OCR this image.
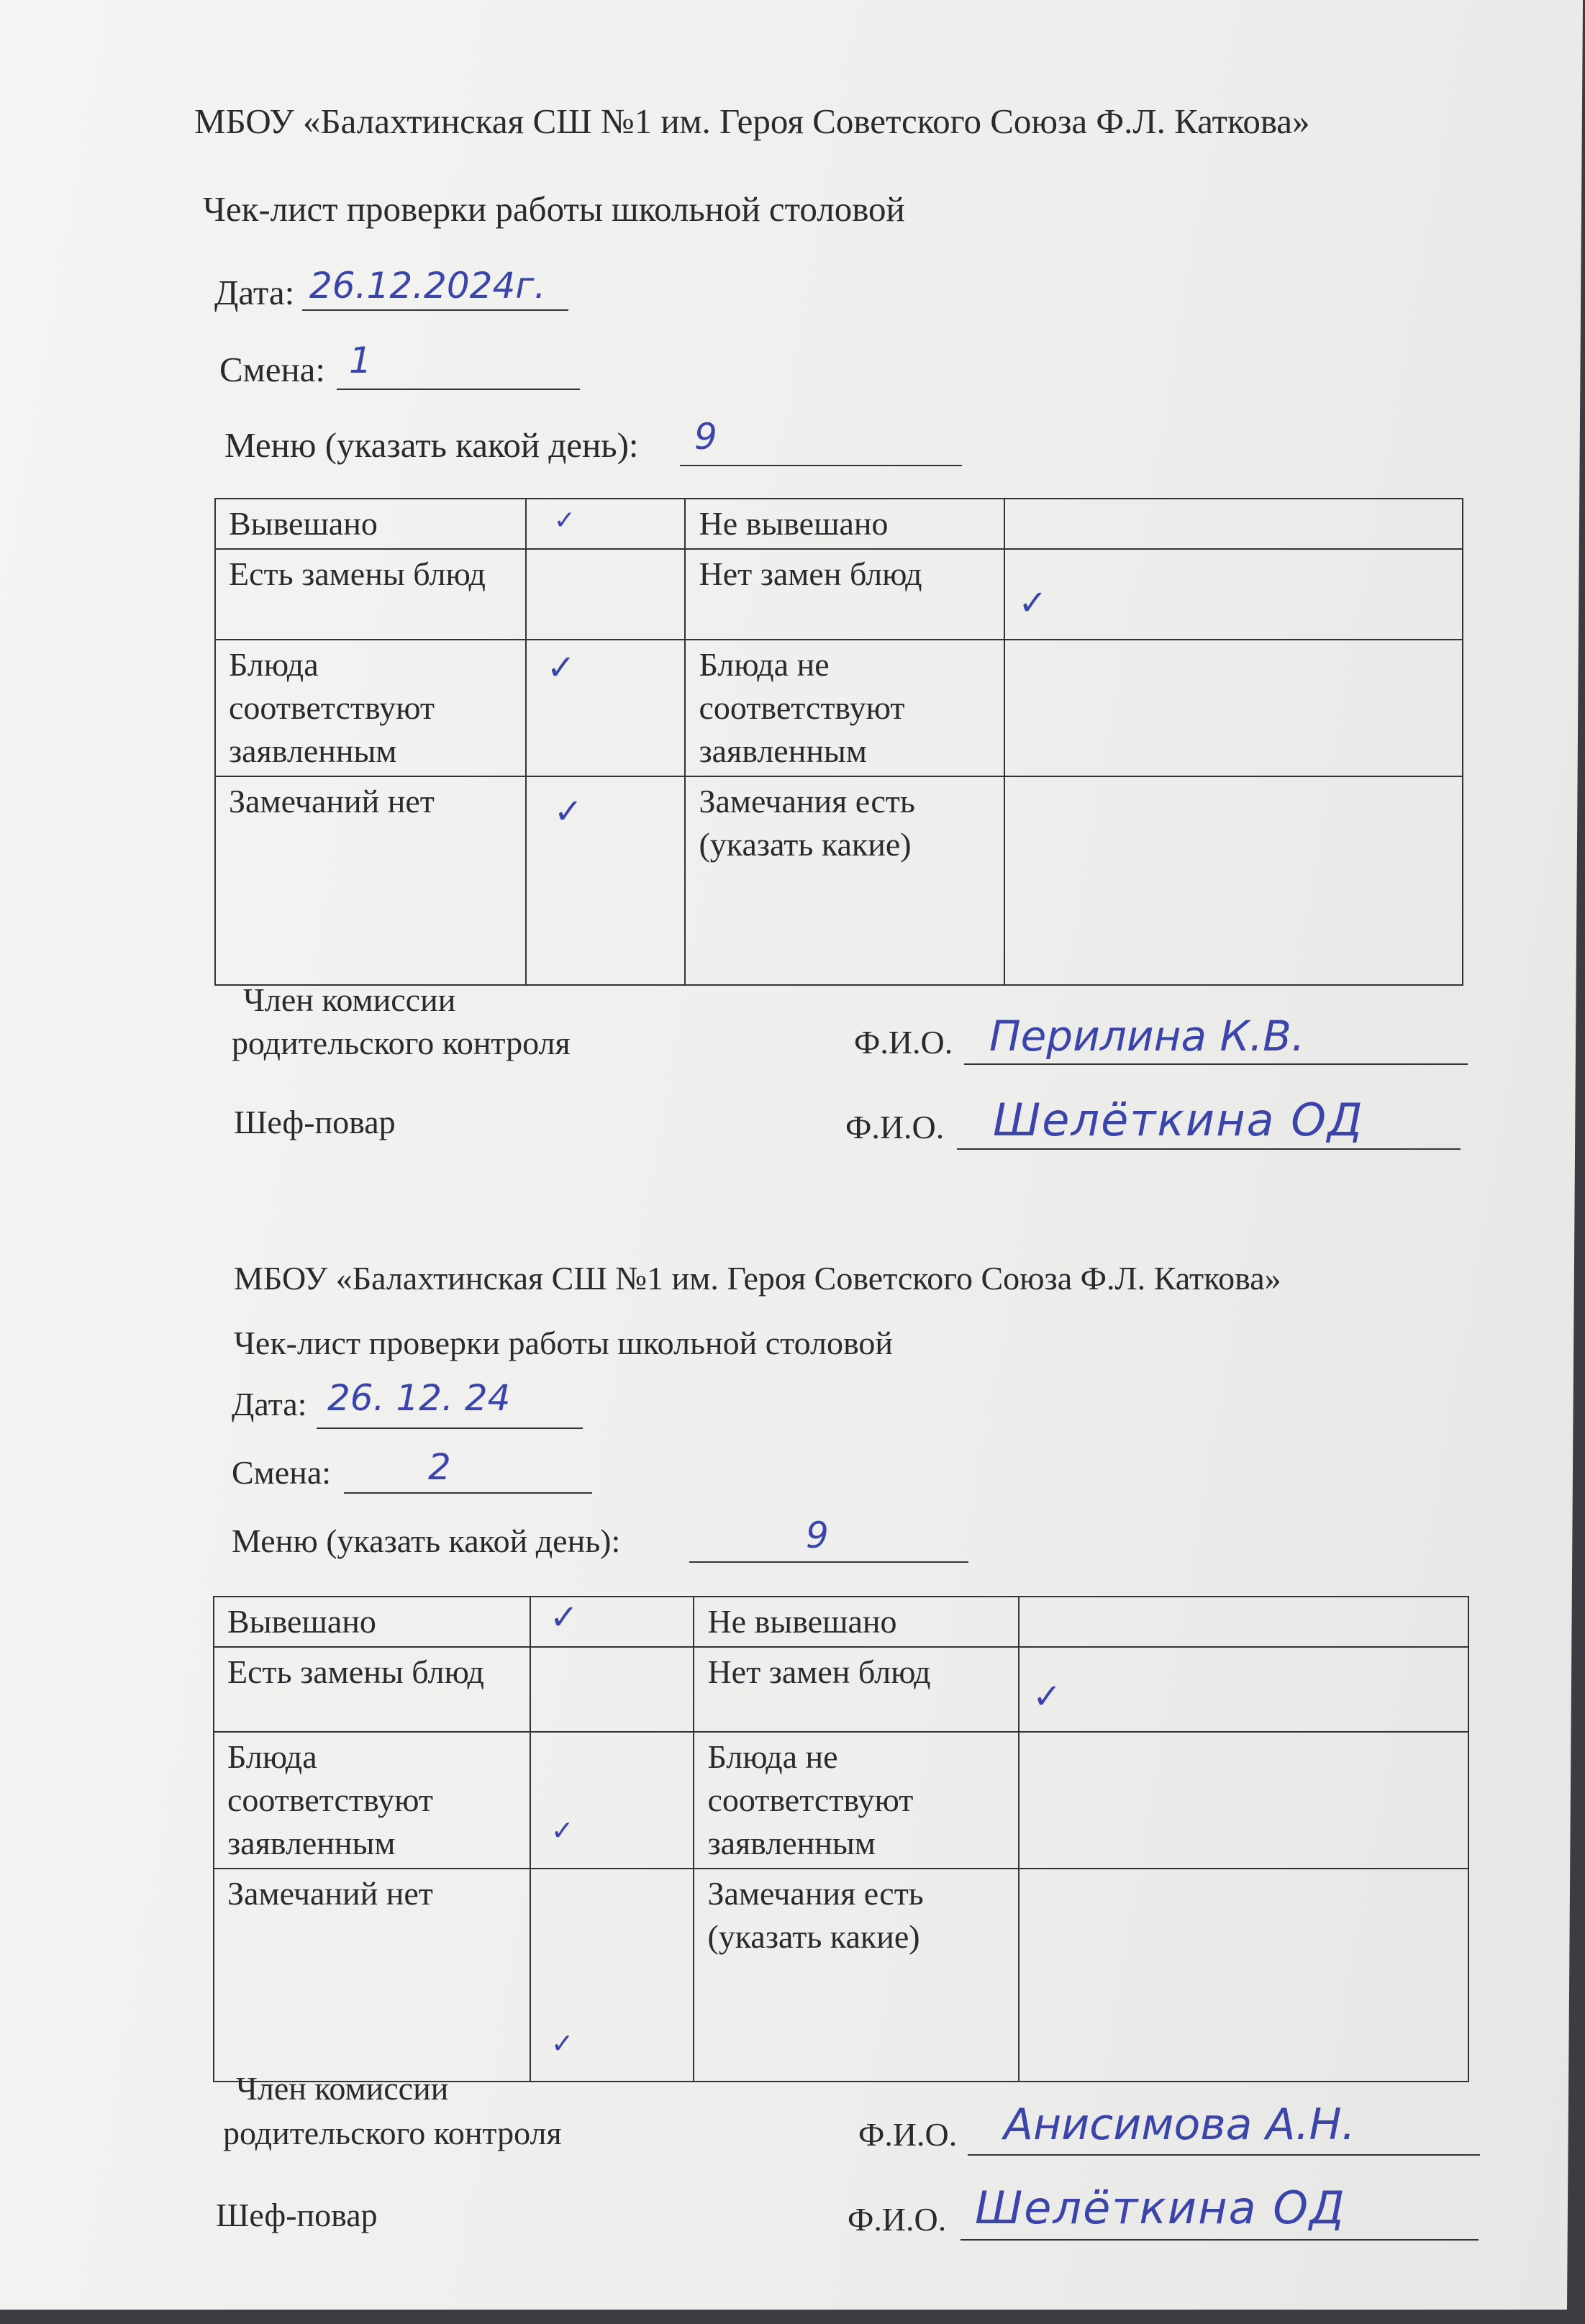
МБОУ «Балахтинская СШ №1 им. Героя Советского Союза Ф.Л. Каткова»
Чек-лист проверки работы школьной столовой
Дата: 26.12.2024г.
Смена: 1
Меню (указать какой день): 9
Вывешано	✓	Не вывешано	

Есть замены блюд		Нет замен блюд	✓

Блюда соответствуют заявленным	✓	Блюда не соответствуют заявленным	

Замечаний нет	✓	Замечания есть (указать какие)	
Член комиссии родительского контроля	Ф.И.О. Перилина К.В.
Шеф-повар	Ф.И.О. Шелёткина ОД
МБОУ «Балахтинская СШ №1 им. Героя Советского Союза Ф.Л. Каткова»
Чек-лист проверки работы школьной столовой
Дата: 26. 12. 24
Смена:	2
Меню (указать какой день):	9
Вывешано	✓	Не вывешано	

Есть замены блюд		Нет замен блюд	✓

Блюда соответствуют заявленным	✓	Блюда не соответствуют заявленным	

Замечаний нет	✓	Замечания есть (указать какие)	
Член комиссии родительского контроля	Ф.И.О. Анисимова А.Н.
Шеф-повар	Ф.И.О. Шелёткина ОД
